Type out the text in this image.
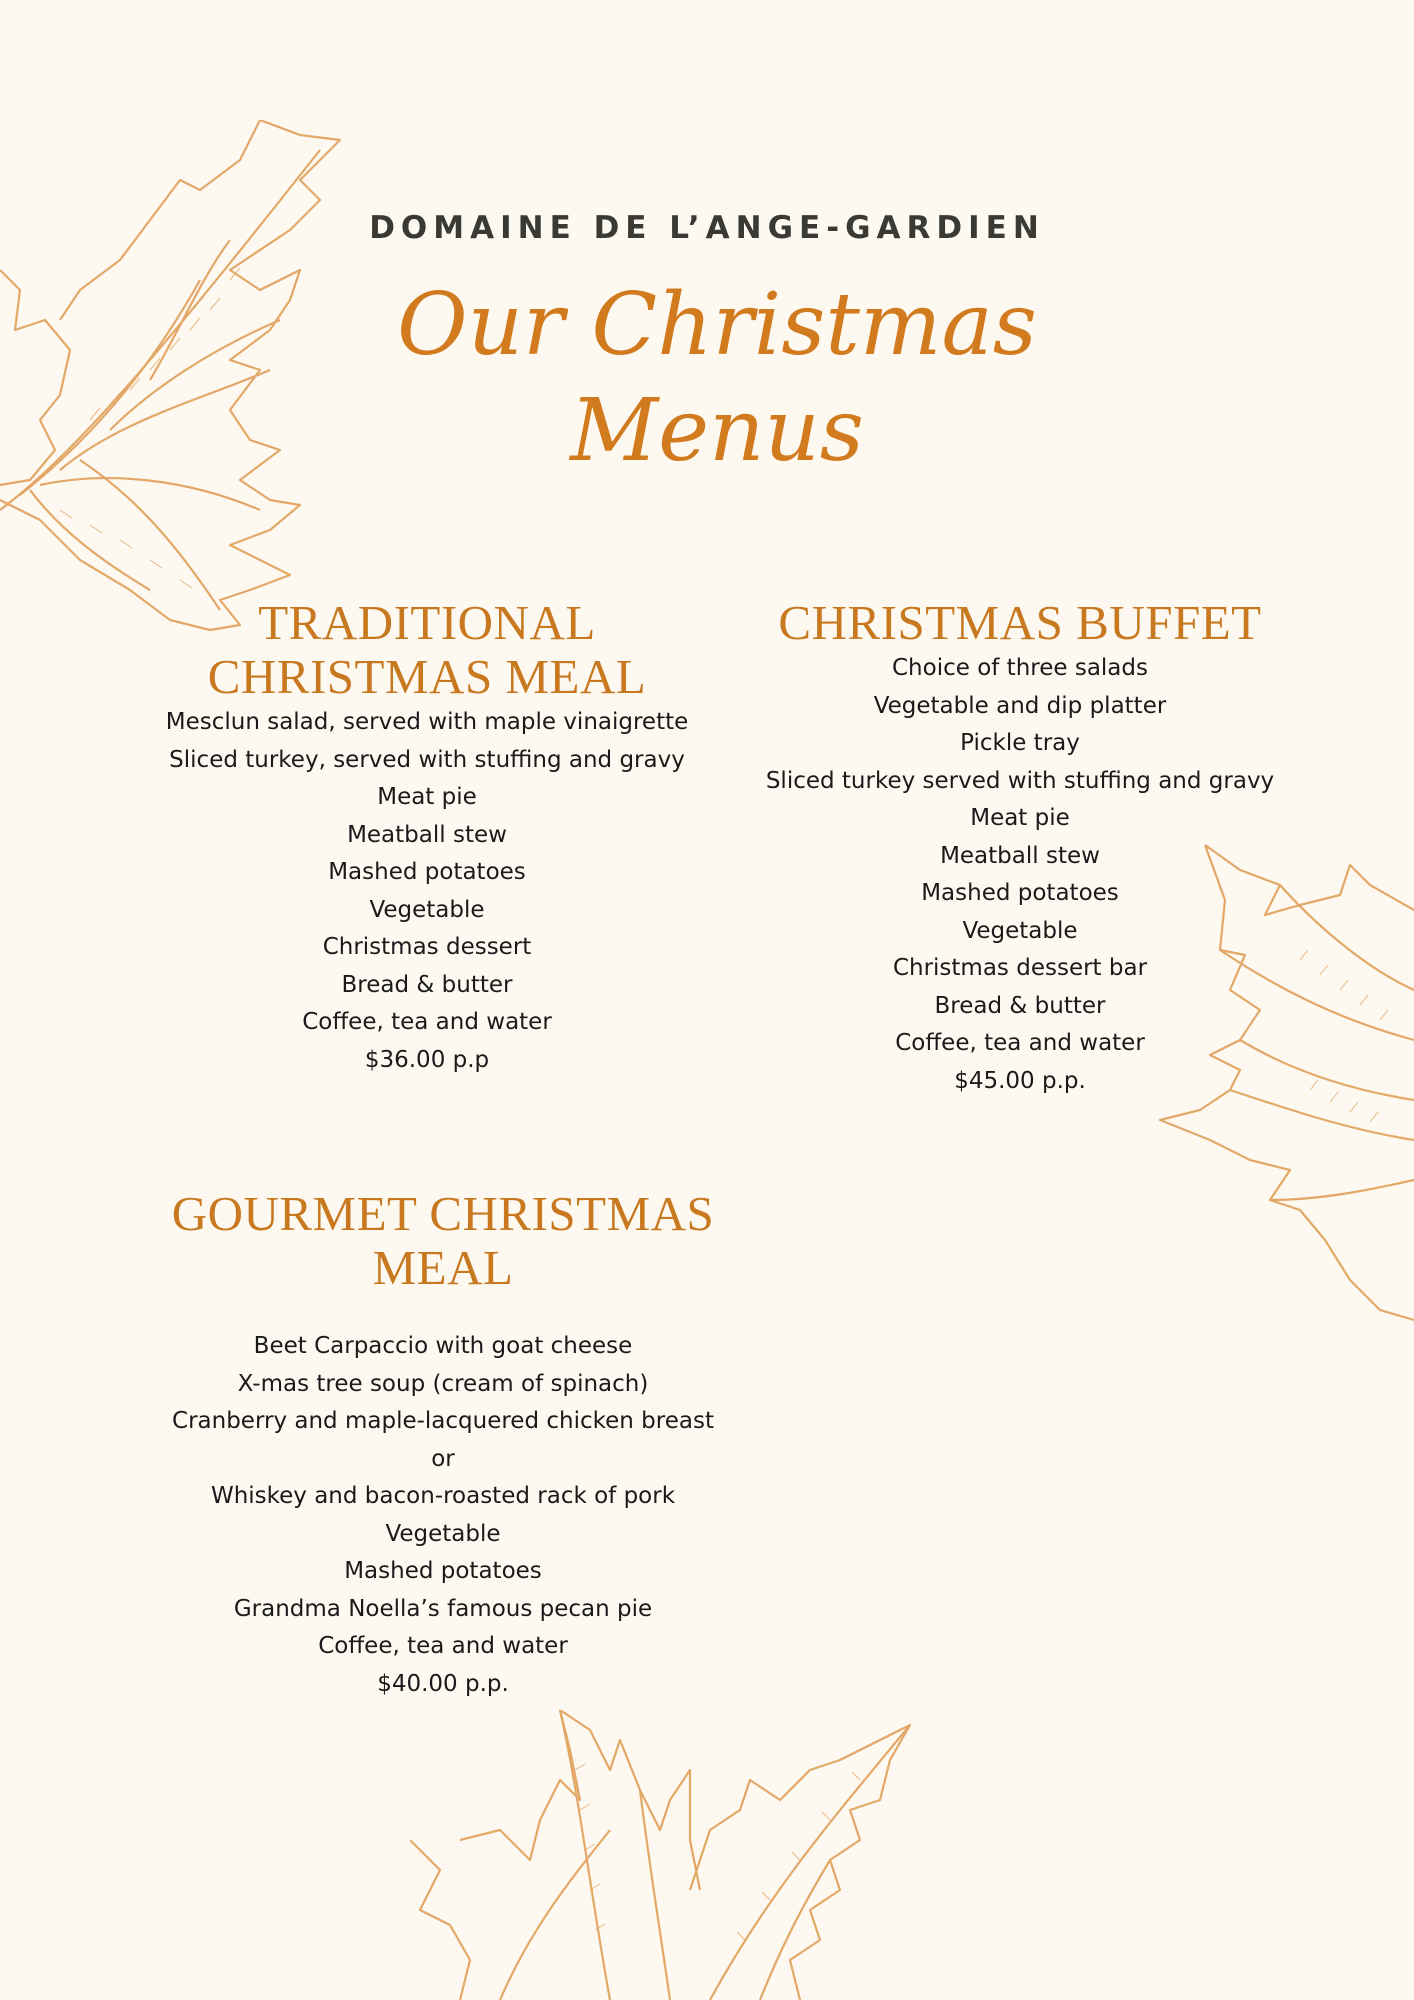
DOMAINE DE L’ANGE-GARDIEN
Our Christmas
Menus
TRADITIONAL
CHRISTMAS MEAL
Mesclun salad, served with maple vinaigrette
Sliced turkey, served with stuffing and gravy
Meat pie
Meatball stew
Mashed potatoes
Vegetable
Christmas dessert
Bread & butter
Coffee, tea and water
$36.00 p.p
CHRISTMAS BUFFET
Choice of three salads
Vegetable and dip platter
Pickle tray
Sliced turkey served with stuffing and gravy
Meat pie
Meatball stew
Mashed potatoes
Vegetable
Christmas dessert bar
Bread & butter
Coffee, tea and water
$45.00 p.p.
GOURMET CHRISTMAS
MEAL
Beet Carpaccio with goat cheese
X-mas tree soup (cream of spinach)
Cranberry and maple-lacquered chicken breast
or
Whiskey and bacon-roasted rack of pork
Vegetable
Mashed potatoes
Grandma Noella’s famous pecan pie
Coffee, tea and water
$40.00 p.p.
